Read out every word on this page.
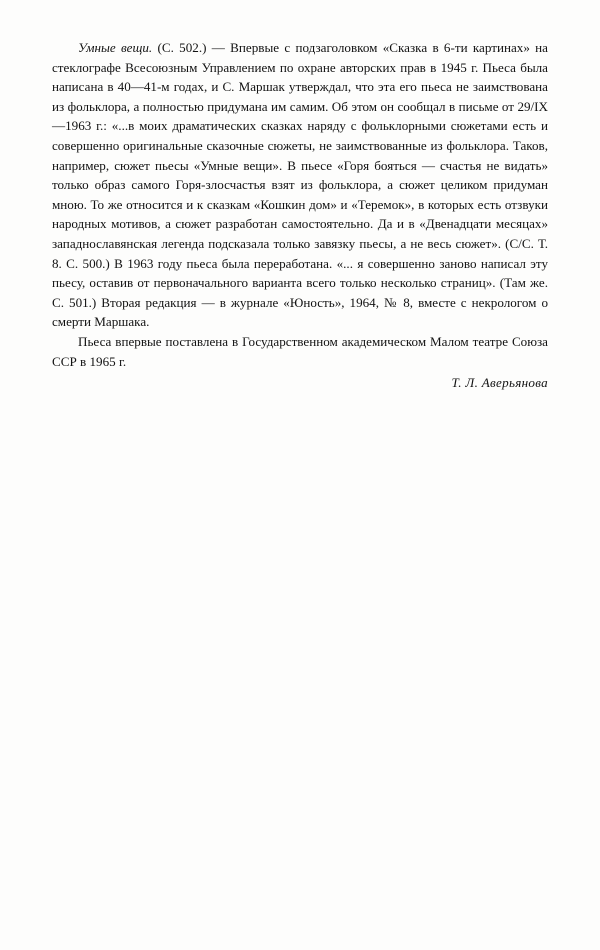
Умные вещи. (С. 502.) — Впервые с подзаголовком «Сказка в 6-ти картинах» на стеклографе Всесоюзным Управлением по охране авторских прав в 1945 г. Пьеса была написана в 40—41-м годах, и С. Маршак утверждал, что эта его пьеса не заимствована из фольклора, а полностью придумана им самим. Об этом он сообщал в письме от 29/IX—1963 г.: «...в моих драматических сказках наряду с фольклорными сюжетами есть и совершенно оригинальные сказочные сюжеты, не заимствованные из фольклора. Таков, например, сюжет пьесы «Умные вещи». В пьесе «Горя бояться — счастья не видать» только образ самого Горя-злосчастья взят из фольклора, а сюжет целиком придуман мною. То же относится и к сказкам «Кошкин дом» и «Теремок», в которых есть отзвуки народных мотивов, а сюжет разработан самостоятельно. Да и в «Двенадцати месяцах» западнославянская легенда подсказала только завязку пьесы, а не весь сюжет». (С/С. Т. 8. С. 500.) В 1963 году пьеса была переработана. «... я совершенно заново написал эту пьесу, оставив от первоначального варианта всего только несколько страниц». (Там же. С. 501.) Вторая редакция — в журнале «Юность», 1964, № 8, вместе с некрологом о смерти Маршака.

Пьеса впервые поставлена в Государственном академическом Малом театре Союза ССР в 1965 г.

Т. Л. Аверьянова
